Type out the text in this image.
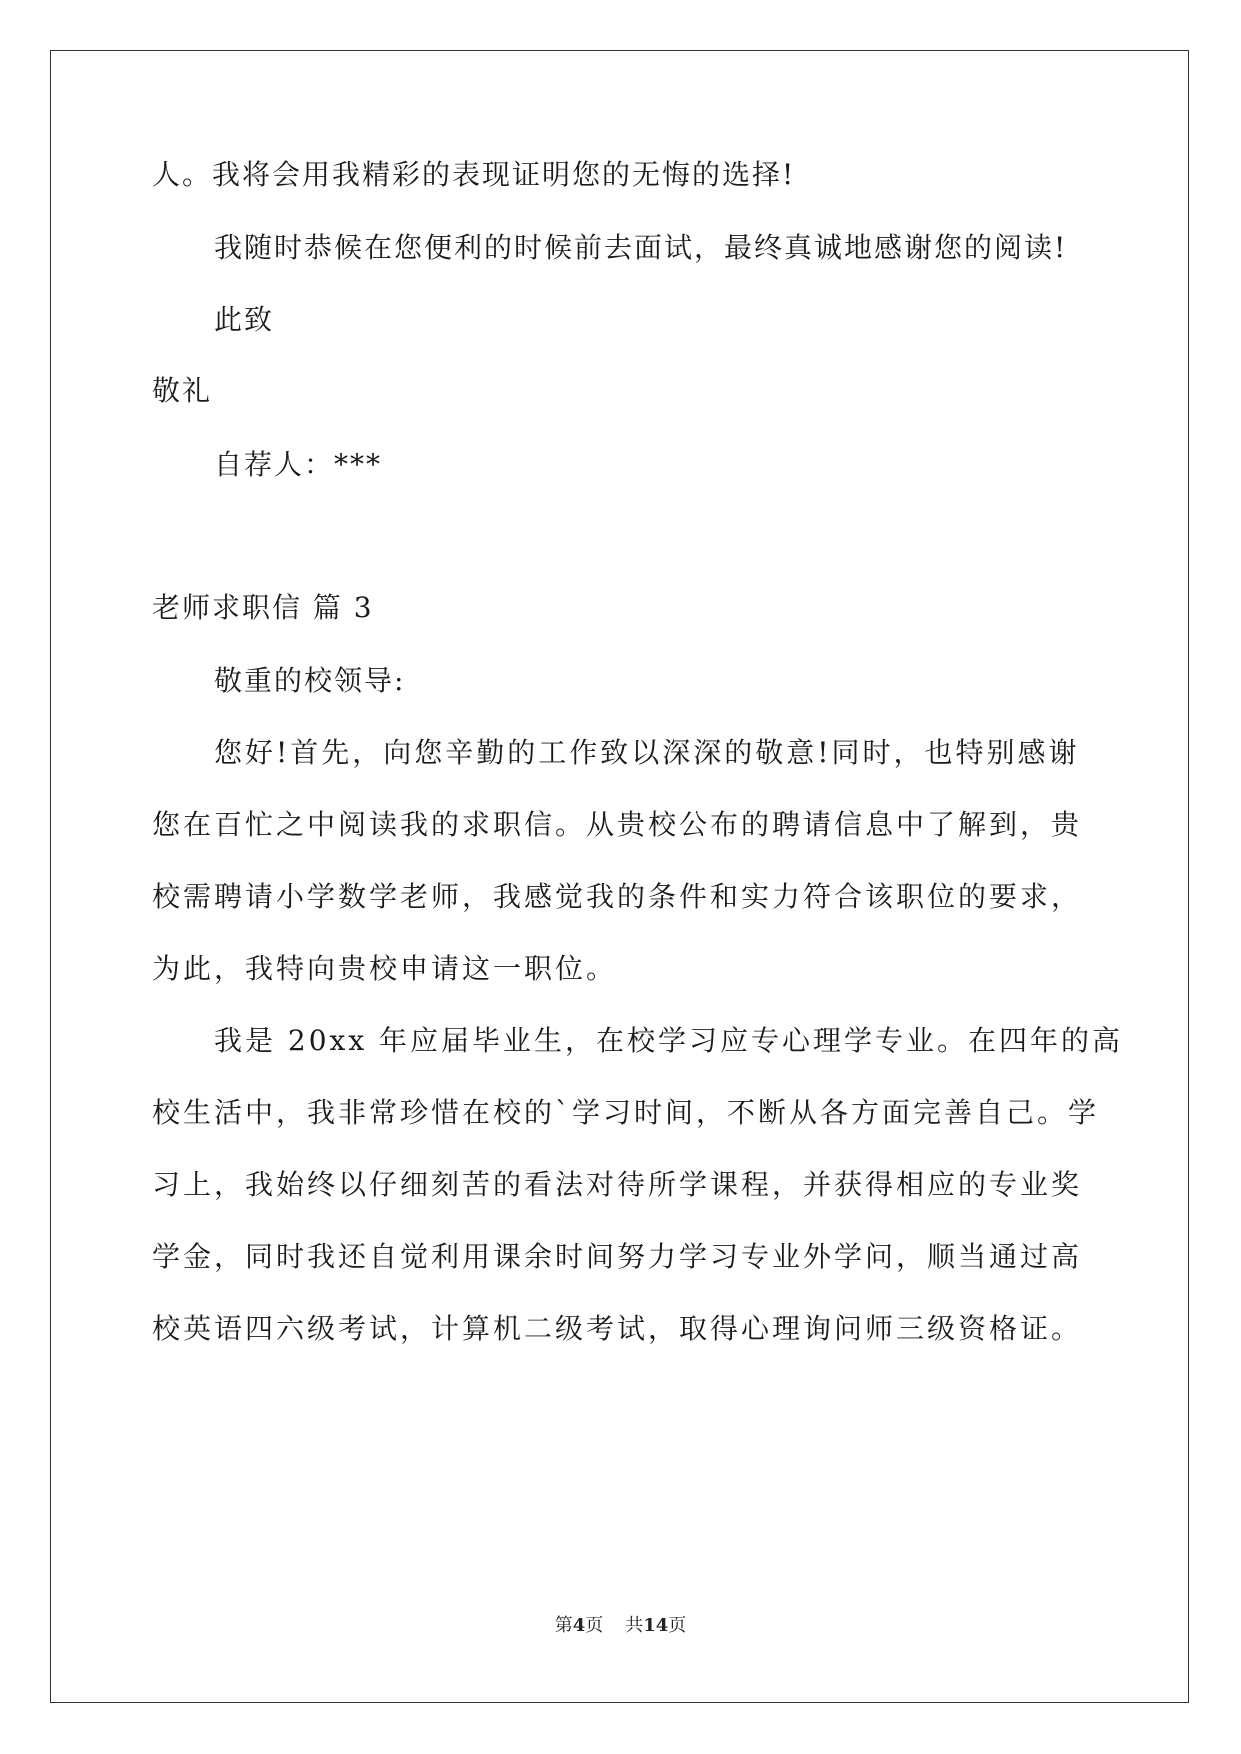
人。我将会用我精彩的表现证明您的无悔的选择!
我随时恭候在您便利的时候前去面试，最终真诚地感谢您的阅读!
此致
敬礼
自荐人：***
老师求职信 篇 3
敬重的校领导:
您好!首先，向您辛勤的工作致以深深的敬意!同时，也特别感谢
您在百忙之中阅读我的求职信。从贵校公布的聘请信息中了解到，贵
校需聘请小学数学老师，我感觉我的条件和实力符合该职位的要求，
为此，我特向贵校申请这一职位。
我是 20xx 年应届毕业生，在校学习应专心理学专业。在四年的高
校生活中，我非常珍惜在校的`学习时间，不断从各方面完善自己。学
习上，我始终以仔细刻苦的看法对待所学课程，并获得相应的专业奖
学金，同时我还自觉利用课余时间努力学习专业外学问，顺当通过高
校英语四六级考试，计算机二级考试，取得心理询问师三级资格证。
第4页 共14页
